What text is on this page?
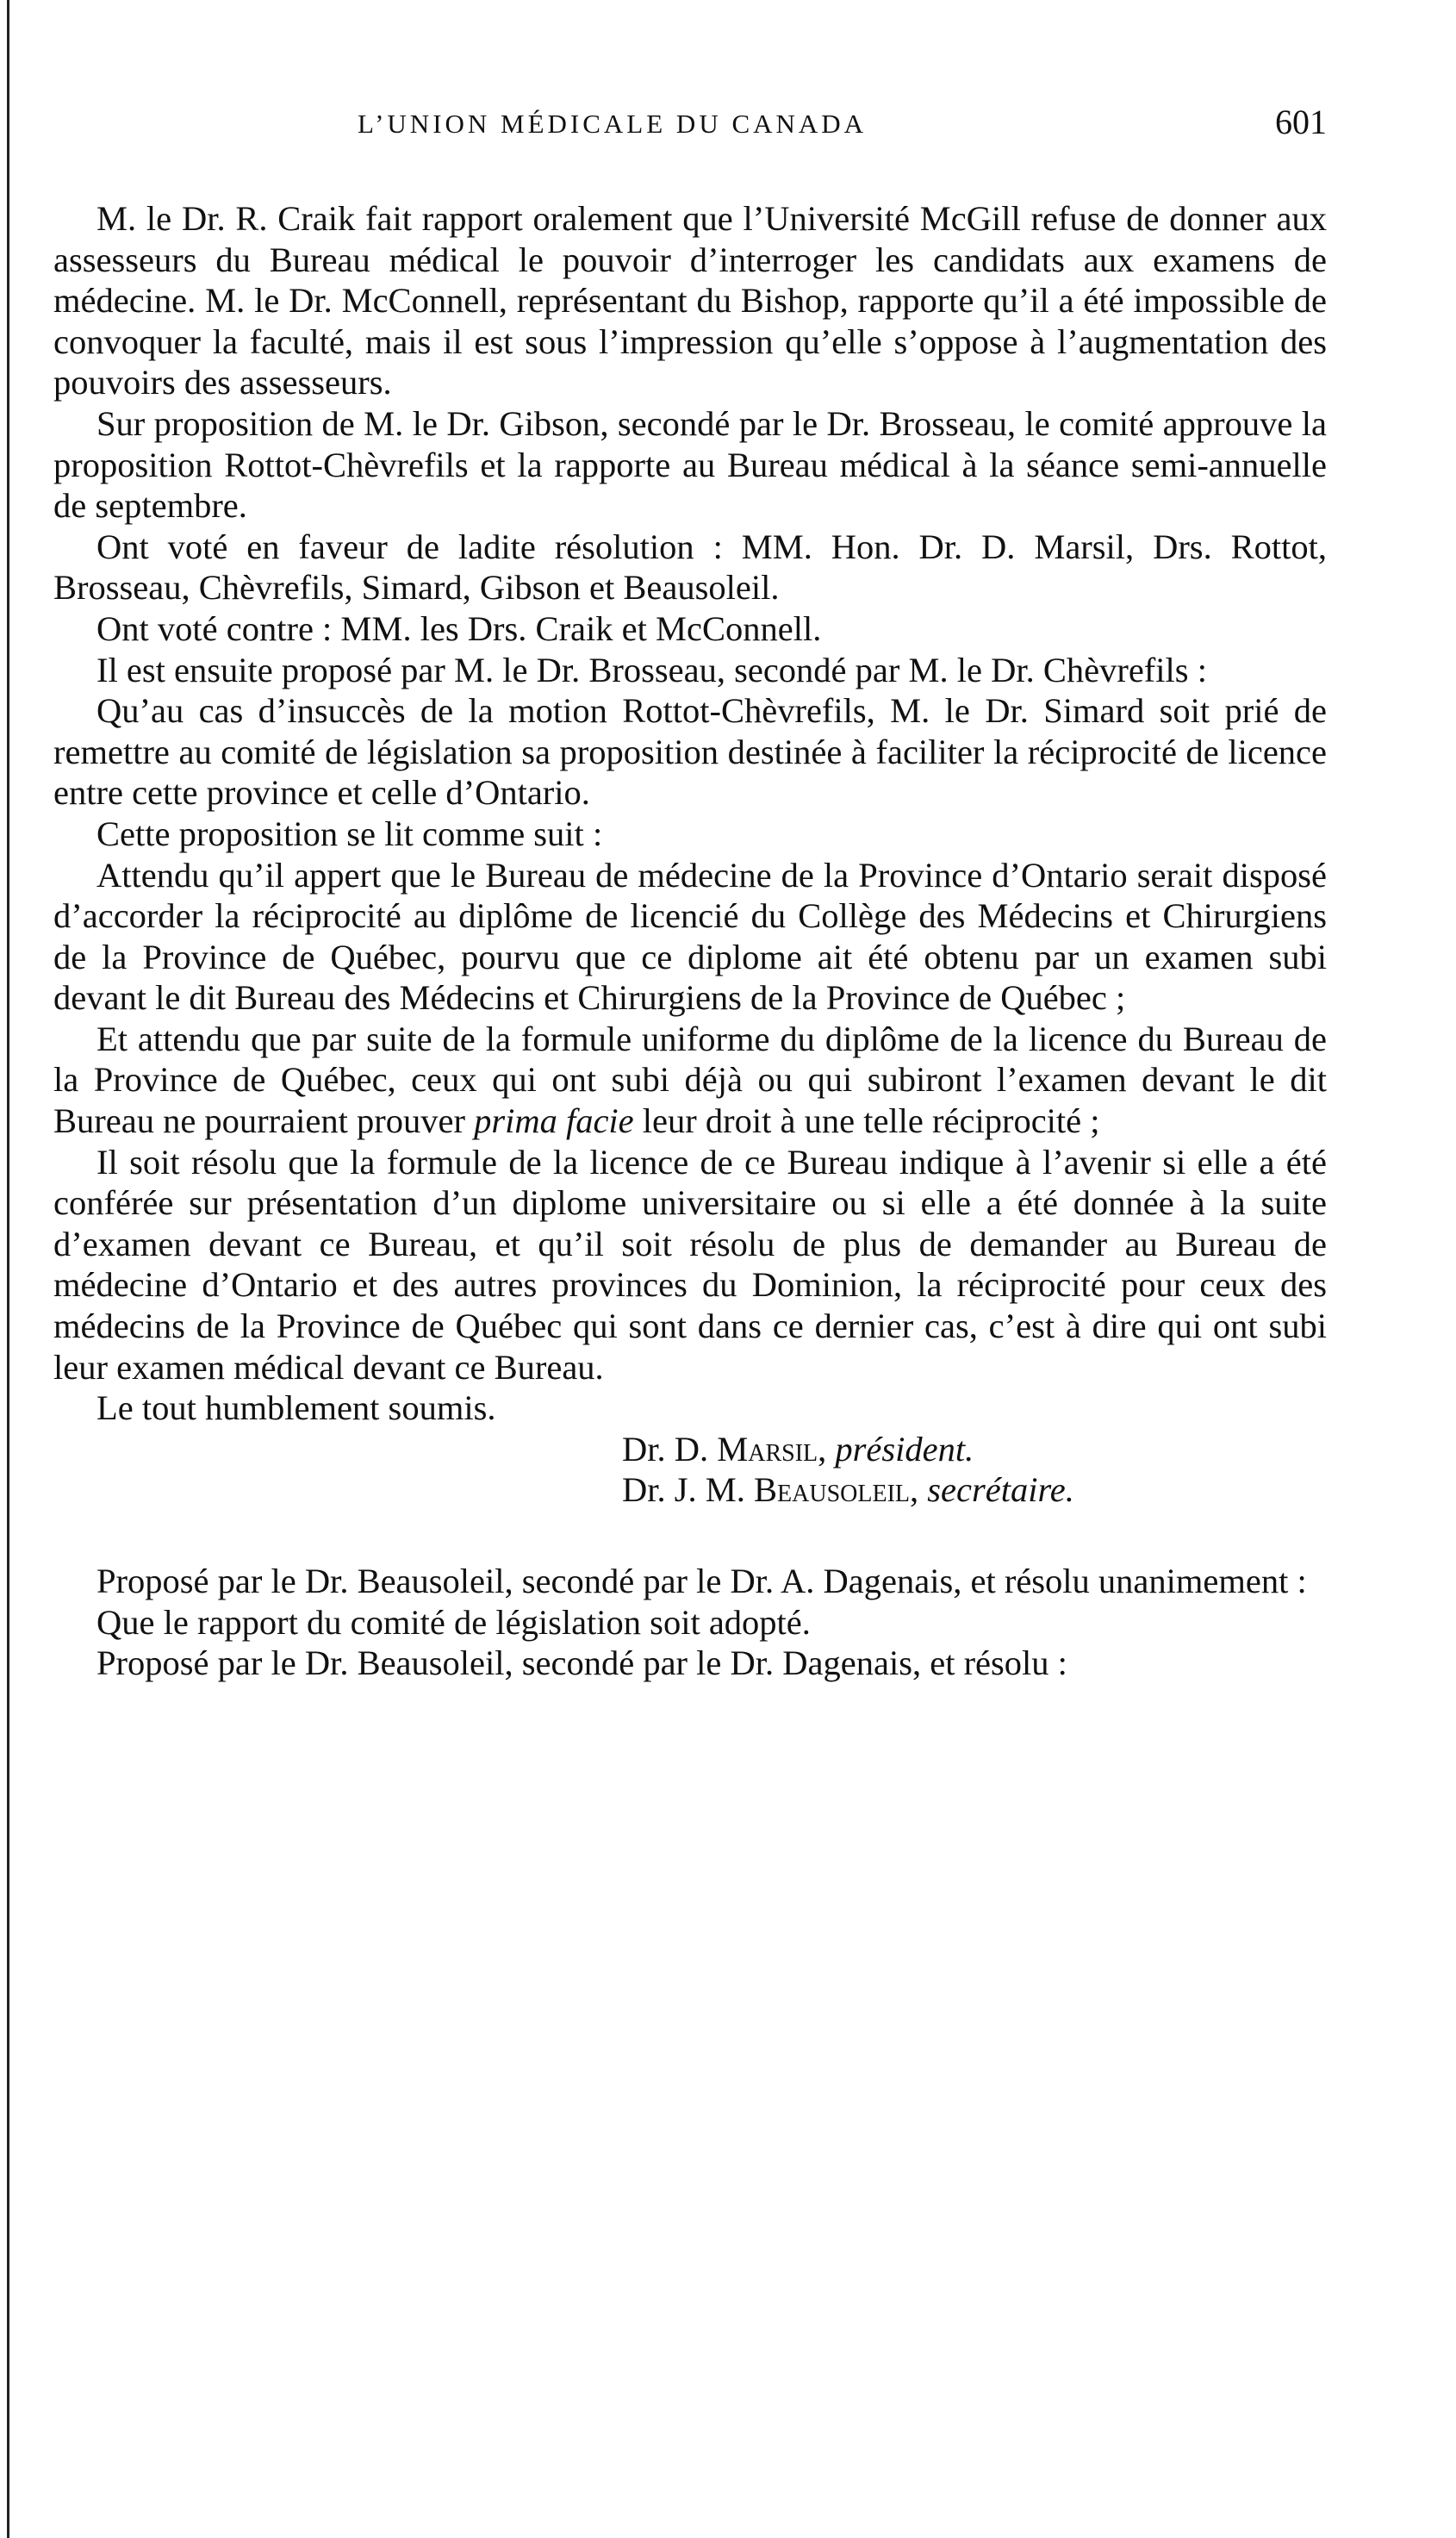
L’UNION MÉDICALE DU CANADA	601

M. le Dr. R. Craik fait rapport oralement que l’Université McGill refuse de donner aux assesseurs du Bureau médical le pouvoir d’interroger les candidats aux examens de médecine. M. le Dr. McConnell, représentant du Bishop, rapporte qu’il a été impossible de convoquer la faculté, mais il est sous l’impression qu’elle s’oppose à l’augmentation des pouvoirs des assesseurs.

Sur proposition de M. le Dr. Gibson, secondé par le Dr. Brosseau, le comité approuve la proposition Rottot-Chèvrefils et la rapporte au Bureau médical à la séance semi-annuelle de septembre.

Ont voté en faveur de ladite résolution : MM. Hon. Dr. D. Marsil, Drs. Rottot, Brosseau, Chèvrefils, Simard, Gibson et Beausoleil.

Ont voté contre : MM. les Drs. Craik et McConnell.

Il est ensuite proposé par M. le Dr. Brosseau, secondé par M. le Dr. Chèvrefils :

Qu’au cas d’insuccès de la motion Rottot-Chèvrefils, M. le Dr. Simard soit prié de remettre au comité de législation sa proposition destinée à faciliter la réciprocité de licence entre cette province et celle d’Ontario.

Cette proposition se lit comme suit :

Attendu qu’il appert que le Bureau de médecine de la Province d’Ontario serait disposé d’accorder la réciprocité au diplôme de licencié du Collège des Médecins et Chirurgiens de la Province de Québec, pourvu que ce diplome ait été obtenu par un examen subi devant le dit Bureau des Médecins et Chirurgiens de la Province de Québec ;

Et attendu que par suite de la formule uniforme du diplôme de la licence du Bureau de la Province de Québec, ceux qui ont subi déjà ou qui subiront l’examen devant le dit Bureau ne pourraient prouver prima facie leur droit à une telle réciprocité ;

Il soit résolu que la formule de la licence de ce Bureau indique à l’avenir si elle a été conférée sur présentation d’un diplome universitaire ou si elle a été donnée à la suite d’examen devant ce Bureau, et qu’il soit résolu de plus de demander au Bureau de médecine d’Ontario et des autres provinces du Dominion, la réciprocité pour ceux des médecins de la Province de Québec qui sont dans ce dernier cas, c’est à dire qui ont subi leur examen médical devant ce Bureau.

Le tout humblement soumis.

Dr. D. Marsil, président.

Dr. J. M. Beausoleil, secrétaire.

Proposé par le Dr. Beausoleil, secondé par le Dr. A. Dagenais, et résolu unanimement :

Que le rapport du comité de législation soit adopté.

Proposé par le Dr. Beausoleil, secondé par le Dr. Dagenais, et résolu :
